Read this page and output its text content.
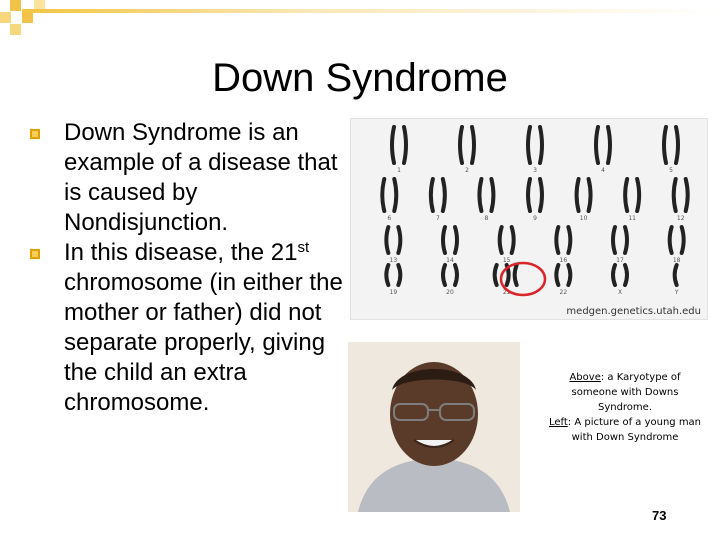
Down Syndrome
Down Syndrome is an example of a disease that is caused by Nondisjunction.
In this disease, the 21st chromosome (in either the mother or father) did not separate properly, giving the child an extra chromosome.
1	2	3	4	5
6	7	8	9	10	11	12
13	14	15	16	17	18
19	20	21	22	X	Y
medgen.genetics.utah.edu
Above: a Karyotype of someone with Downs Syndrome.
Left: A picture of a young man with Down Syndrome
73
